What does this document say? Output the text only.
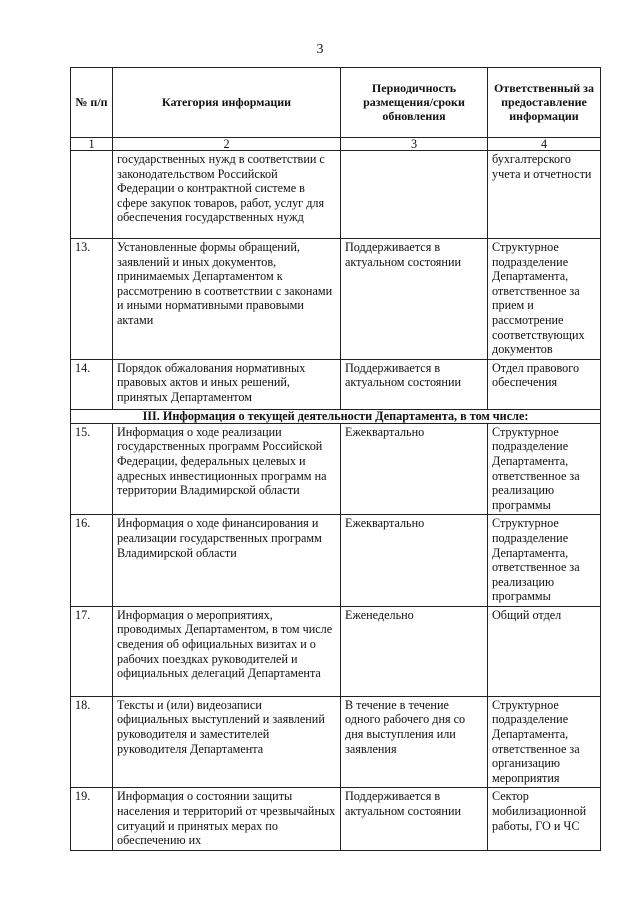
3
№ п/п	Категория информации	Периодичность размещения/сроки обновления	Ответственный за предоставление информации
1	2	3	4
	государственных нужд в соответствии с законодательством Российской Федерации о контрактной системе в сфере закупок товаров, работ, услуг для обеспечения государственных нужд		бухгалтерского учета и отчетности
13.	Установленные формы обращений, заявлений и иных документов, принимаемых Департаментом к рассмотрению в соответствии с законами и иными нормативными правовыми актами	Поддерживается в актуальном состоянии	Структурное подразделение Департамента, ответственное за прием и рассмотрение соответствующих документов
14.	Порядок обжалования нормативных правовых актов и иных решений, принятых Департаментом	Поддерживается в актуальном состоянии	Отдел правового обеспечения
III. Информация о текущей деятельности Департамента, в том числе:			
15.	Информация о ходе реализации государственных программ Российской Федерации, федеральных целевых и адресных инвестиционных программ на территории Владимирской области	Ежеквартально	Структурное подразделение Департамента, ответственное за реализацию программы
16.	Информация о ходе финансирования и реализации государственных программ Владимирской области	Ежеквартально	Структурное подразделение Департамента, ответственное за реализацию программы
17.	Информация о мероприятиях, проводимых Департаментом, в том числе сведения об официальных визитах и о рабочих поездках руководителей и официальных делегаций Департамента	Еженедельно	Общий отдел
18.	Тексты и (или) видеозаписи официальных выступлений и заявлений руководителя и заместителей руководителя Департамента	В течение в течение одного рабочего дня со дня выступления или заявления	Структурное подразделение Департамента, ответственное за организацию мероприятия
19.	Информация о состоянии защиты населения и территорий от чрезвычайных ситуаций и принятых мерах по обеспечению их	Поддерживается в актуальном состоянии	Сектор мобилизационной работы, ГО и ЧС
